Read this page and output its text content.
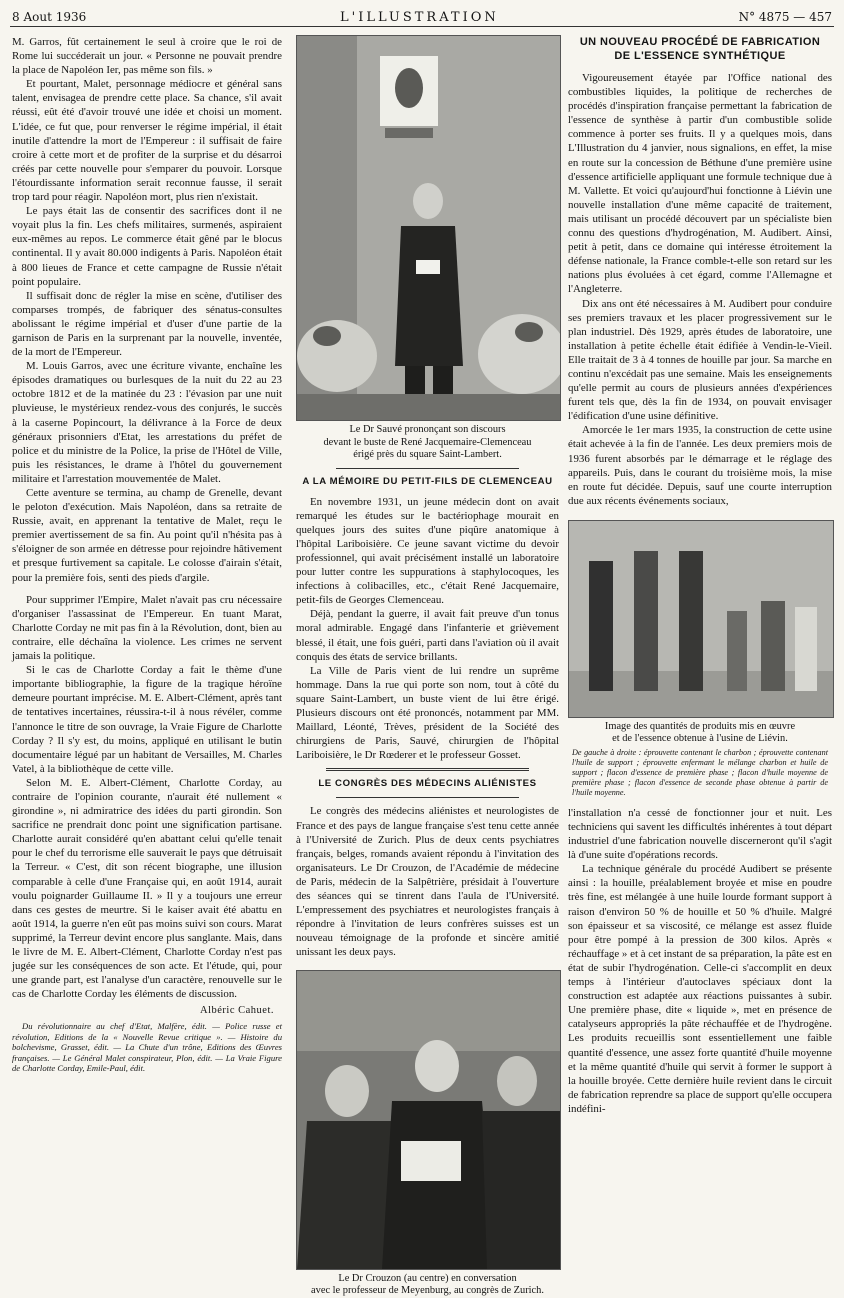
8 Aout 1936	L'ILLUSTRATION	N° 4875 — 457

M. Garros, fût certainement le seul à croire que le roi de Rome lui succéderait un jour. « Personne ne pouvait prendre la place de Napoléon Ier, pas même son fils. »

Et pourtant, Malet, personnage médiocre et général sans talent, envisagea de prendre cette place. Sa chance, s'il avait réussi, eût été d'avoir trouvé une idée et choisi un moment. L'idée, ce fut que, pour renverser le régime impérial, il était inutile d'attendre la mort de l'Empereur : il suffisait de faire croire à cette mort et de profiter de la surprise et du désarroi créés par cette nouvelle pour s'emparer du pouvoir. Lorsque l'étourdissante information serait reconnue fausse, il serait trop tard pour réagir. Napoléon mort, plus rien n'existait.

Le pays était las de consentir des sacrifices dont il ne voyait plus la fin. Les chefs militaires, surmenés, aspiraient eux-mêmes au repos. Le commerce était gêné par le blocus continental. Il y avait 80.000 indigents à Paris. Napoléon était à 800 lieues de France et cette campagne de Russie n'était point populaire.

Il suffisait donc de régler la mise en scène, d'utiliser des comparses trompés, de fabriquer des sénatus-consultes abolissant le régime impérial et d'user d'une partie de la garnison de Paris en la surprenant par la nouvelle, inventée, de la mort de l'Empereur.

M. Louis Garros, avec une écriture vivante, enchaîne les épisodes dramatiques ou burlesques de la nuit du 22 au 23 octobre 1812 et de la matinée du 23 : l'évasion par une nuit pluvieuse, le mystérieux rendez-vous des conjurés, le succès à la caserne Popincourt, la délivrance à la Force de deux généraux prisonniers d'Etat, les arrestations du préfet de police et du ministre de la Police, la prise de l'Hôtel de Ville, puis les résistances, le drame à l'hôtel du gouvernement militaire et l'arrestation mouvementée de Malet.

Cette aventure se termina, au champ de Grenelle, devant le peloton d'exécution. Mais Napoléon, dans sa retraite de Russie, avait, en apprenant la tentative de Malet, reçu le premier avertissement de sa fin. Au point qu'il n'hésita pas à s'éloigner de son armée en détresse pour rejoindre hâtivement et presque furtivement sa capitale. Le colosse d'airain s'était, pour la première fois, senti des pieds d'argile.

Pour supprimer l'Empire, Malet n'avait pas cru nécessaire d'organiser l'assassinat de l'Empereur. En tuant Marat, Charlotte Corday ne mit pas fin à la Révolution, dont, bien au contraire, elle déchaîna la violence. Les crimes ne servent jamais la politique.

Si le cas de Charlotte Corday a fait le thème d'une importante bibliographie, la figure de la tragique héroïne demeure pourtant imprécise. M. E. Albert-Clément, après tant de tentatives incertaines, réussira-t-il à nous révéler, comme l'annonce le titre de son ouvrage, la Vraie Figure de Charlotte Corday ? Il s'y est, du moins, appliqué en utilisant le butin documentaire légué par un habitant de Versailles, M. Charles Vatel, à la bibliothèque de cette ville.

Selon M. E. Albert-Clément, Charlotte Corday, au contraire de l'opinion courante, n'aurait été nullement « girondine », ni admiratrice des idées du parti girondin. Son sacrifice ne prendrait donc point une signification partisane. Charlotte aurait considéré qu'en abattant celui qu'elle tenait pour le chef du terrorisme elle sauverait le pays que détruisait la Terreur. « C'est, dit son récent biographe, une illusion comparable à celle d'une Française qui, en août 1914, aurait voulu poignarder Guillaume II. » Il y a toujours une erreur dans ces gestes de meurtre. Si le kaiser avait été abattu en août 1914, la guerre n'en eût pas moins suivi son cours. Marat supprimé, la Terreur devint encore plus sanglante. Mais, dans le livre de M. E. Albert-Clément, Charlotte Corday n'est pas jugée sur les conséquences de son acte. Et l'étude, qui, pour une grande part, est l'analyse d'un caractère, renouvelle sur le cas de Charlotte Corday les éléments de discussion.

Albéric Cahuet.
Du révolutionnaire au chef d'Etat, Malfère, édit. — Police russe et révolution, Editions de la « Nouvelle Revue critique ». — Histoire du bolchevisme, Grasset, édit. — La Chute d'un trône, Editions des Œuvres françaises. — Le Général Malet conspirateur, Plon, édit. — La Vraie Figure de Charlotte Corday, Emile-Paul, édit.
Le Dr Sauvé prononçant son discours
devant le buste de René Jacquemaire-Clemenceau
érigé près du square Saint-Lambert.
A LA MÉMOIRE DU PETIT-FILS DE CLEMENCEAU

En novembre 1931, un jeune médecin dont on avait remarqué les études sur le bactériophage mourait en quelques jours des suites d'une piqûre anatomique à l'hôpital Lariboisière. Ce jeune savant victime du devoir professionnel, qui avait précisément installé un laboratoire pour lutter contre les suppurations à staphylocoques, les infections à colibacilles, etc., c'était René Jacquemaire, petit-fils de Georges Clemenceau.

Déjà, pendant la guerre, il avait fait preuve d'un tonus moral admirable. Engagé dans l'infanterie et grièvement blessé, il était, une fois guéri, parti dans l'aviation où il avait conquis des états de service brillants.

La Ville de Paris vient de lui rendre un suprême hommage. Dans la rue qui porte son nom, tout à côté du square Saint-Lambert, un buste vient de lui être érigé. Plusieurs discours ont été prononcés, notamment par MM. Maillard, Léonté, Trèves, président de la Société des chirurgiens de Paris, Sauvé, chirurgien de l'hôpital Lariboisière, le Dr Rœderer et le professeur Gosset.

LE CONGRÈS DES MÉDECINS ALIÉNISTES

Le congrès des médecins aliénistes et neurologistes de France et des pays de langue française s'est tenu cette année à l'Université de Zurich. Plus de deux cents psychiatres français, belges, romands avaient répondu à l'invitation des organisateurs. Le Dr Crouzon, de l'Académie de médecine de Paris, médecin de la Salpêtrière, présidait à l'ouverture des séances qui se tinrent dans l'aula de l'Université. L'empressement des psychiatres et neurologistes français à répondre à l'invitation de leurs confrères suisses est un nouveau témoignage de la profonde et sincère amitié unissant les deux pays.

Le Dr Crouzon (au centre) en conversation
avec le professeur de Meyenburg, au congrès de Zurich.
UN NOUVEAU PROCÉDÉ DE FABRICATION
DE L'ESSENCE SYNTHÉTIQUE

Vigoureusement étayée par l'Office national des combustibles liquides, la politique de recherches de procédés d'inspiration française permettant la fabrication de l'essence de synthèse à partir d'un combustible solide commence à porter ses fruits. Il y a quelques mois, dans L'Illustration du 4 janvier, nous signalions, en effet, la mise en route sur la concession de Béthune d'une première usine d'essence artificielle appliquant une formule technique due à M. Vallette. Et voici qu'aujourd'hui fonctionne à Liévin une nouvelle installation d'une même capacité de traitement, mais utilisant un procédé découvert par un spécialiste bien connu des questions d'hydrogénation, M. Audibert. Ainsi, petit à petit, dans ce domaine qui intéresse étroitement la défense nationale, la France comble-t-elle son retard sur les nations plus évoluées à cet égard, comme l'Allemagne et l'Angleterre.

Dix ans ont été nécessaires à M. Audibert pour conduire ses premiers travaux et les placer progressivement sur le plan industriel. Dès 1929, après études de laboratoire, une installation à petite échelle était édifiée à Vendin-le-Vieil. Elle traitait de 3 à 4 tonnes de houille par jour. Sa marche en continu n'excédait pas une semaine. Mais les enseignements qu'elle permit au cours de plusieurs années d'expériences furent tels que, dès la fin de 1934, on pouvait envisager l'édification d'une usine définitive.

Amorcée le 1er mars 1935, la construction de cette usine était achevée à la fin de l'année. Les deux premiers mois de 1936 furent absorbés par le démarrage et le réglage des appareils. Puis, dans le courant du troisième mois, la mise en route fut décidée. Depuis, sauf une courte interruption due aux récents événements sociaux,

Image des quantités de produits mis en œuvre
et de l'essence obtenue à l'usine de Liévin.
De gauche à droite : éprouvette contenant le charbon ; éprouvette contenant l'huile de support ; éprouvette enfermant le mélange charbon et huile de support ; flacon d'essence de première phase ; flacon d'huile moyenne de première phase ; flacon d'essence de seconde phase obtenue à partir de l'huile moyenne.

l'installation n'a cessé de fonctionner jour et nuit. Les techniciens qui savent les difficultés inhérentes à tout départ industriel d'une fabrication nouvelle discerneront qu'il s'agit là d'une suite d'opérations records.

La technique générale du procédé Audibert se présente ainsi : la houille, préalablement broyée et mise en poudre très fine, est mélangée à une huile lourde formant support à raison d'environ 50 % de houille et 50 % d'huile. Malgré son épaisseur et sa viscosité, ce mélange est assez fluide pour être pompé à la pression de 300 kilos. Après « réchauffage » et à cet instant de sa préparation, la pâte est en état de subir l'hydrogénation. Celle-ci s'accomplit en deux temps à l'intérieur d'autoclaves spéciaux dont la construction est adaptée aux réactions puissantes à subir. Une première phase, dite « liquide », met en présence de catalyseurs appropriés la pâte réchauffée et de l'hydrogène. Les produits recueillis sont essentiellement une faible quantité d'essence, une assez forte quantité d'huile moyenne et la même quantité d'huile qui servit à former le support à la houille broyée. Cette dernière huile revient dans le circuit de fabrication reprendre sa place de support qu'elle occupera indéfini-
